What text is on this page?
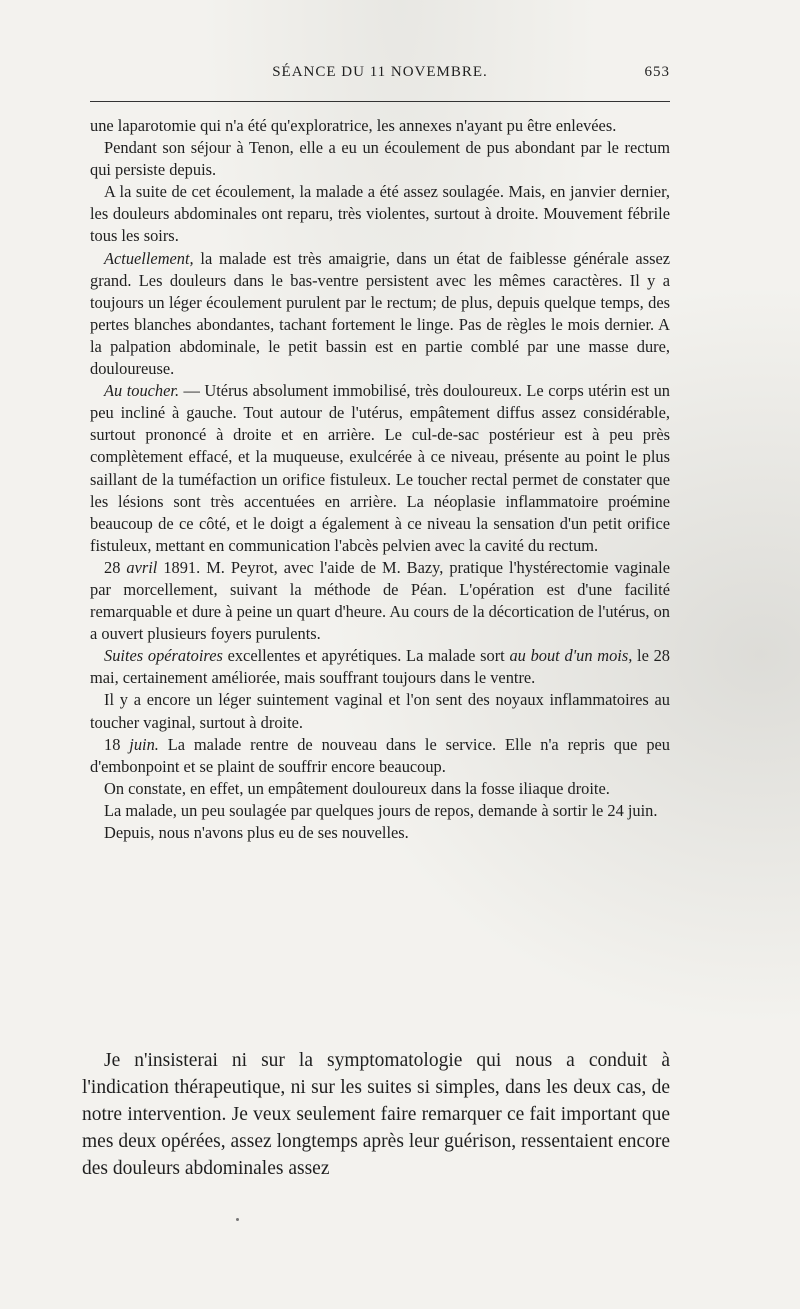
SÉANCE DU 11 NOVEMBRE.	653

une laparotomie qui n'a été qu'exploratrice, les annexes n'ayant pu être enlevées.

Pendant son séjour à Tenon, elle a eu un écoulement de pus abondant par le rectum qui persiste depuis.

A la suite de cet écoulement, la malade a été assez soulagée. Mais, en janvier dernier, les douleurs abdominales ont reparu, très violentes, surtout à droite. Mouvement fébrile tous les soirs.

Actuellement, la malade est très amaigrie, dans un état de faiblesse générale assez grand. Les douleurs dans le bas-ventre persistent avec les mêmes caractères. Il y a toujours un léger écoulement purulent par le rectum; de plus, depuis quelque temps, des pertes blanches abondantes, tachant fortement le linge. Pas de règles le mois dernier. A la palpation abdominale, le petit bassin est en partie comblé par une masse dure, douloureuse.

Au toucher. — Utérus absolument immobilisé, très douloureux. Le corps utérin est un peu incliné à gauche. Tout autour de l'utérus, empâtement diffus assez considérable, surtout prononcé à droite et en arrière. Le cul-de-sac postérieur est à peu près complètement effacé, et la muqueuse, exulcérée à ce niveau, présente au point le plus saillant de la tuméfaction un orifice fistuleux. Le toucher rectal permet de constater que les lésions sont très accentuées en arrière. La néoplasie inflammatoire proémine beaucoup de ce côté, et le doigt a également à ce niveau la sensation d'un petit orifice fistuleux, mettant en communication l'abcès pelvien avec la cavité du rectum.

28 avril 1891. M. Peyrot, avec l'aide de M. Bazy, pratique l'hystérectomie vaginale par morcellement, suivant la méthode de Péan. L'opération est d'une facilité remarquable et dure à peine un quart d'heure. Au cours de la décortication de l'utérus, on a ouvert plusieurs foyers purulents.

Suites opératoires excellentes et apyrétiques. La malade sort au bout d'un mois, le 28 mai, certainement améliorée, mais souffrant toujours dans le ventre.

Il y a encore un léger suintement vaginal et l'on sent des noyaux inflammatoires au toucher vaginal, surtout à droite.

18 juin. La malade rentre de nouveau dans le service. Elle n'a repris que peu d'embonpoint et se plaint de souffrir encore beaucoup.

On constate, en effet, un empâtement douloureux dans la fosse iliaque droite.

La malade, un peu soulagée par quelques jours de repos, demande à sortir le 24 juin.

Depuis, nous n'avons plus eu de ses nouvelles.

Je n'insisterai ni sur la symptomatologie qui nous a conduit à l'indication thérapeutique, ni sur les suites si simples, dans les deux cas, de notre intervention. Je veux seulement faire remarquer ce fait important que mes deux opérées, assez longtemps après leur guérison, ressentaient encore des douleurs abdominales assez
